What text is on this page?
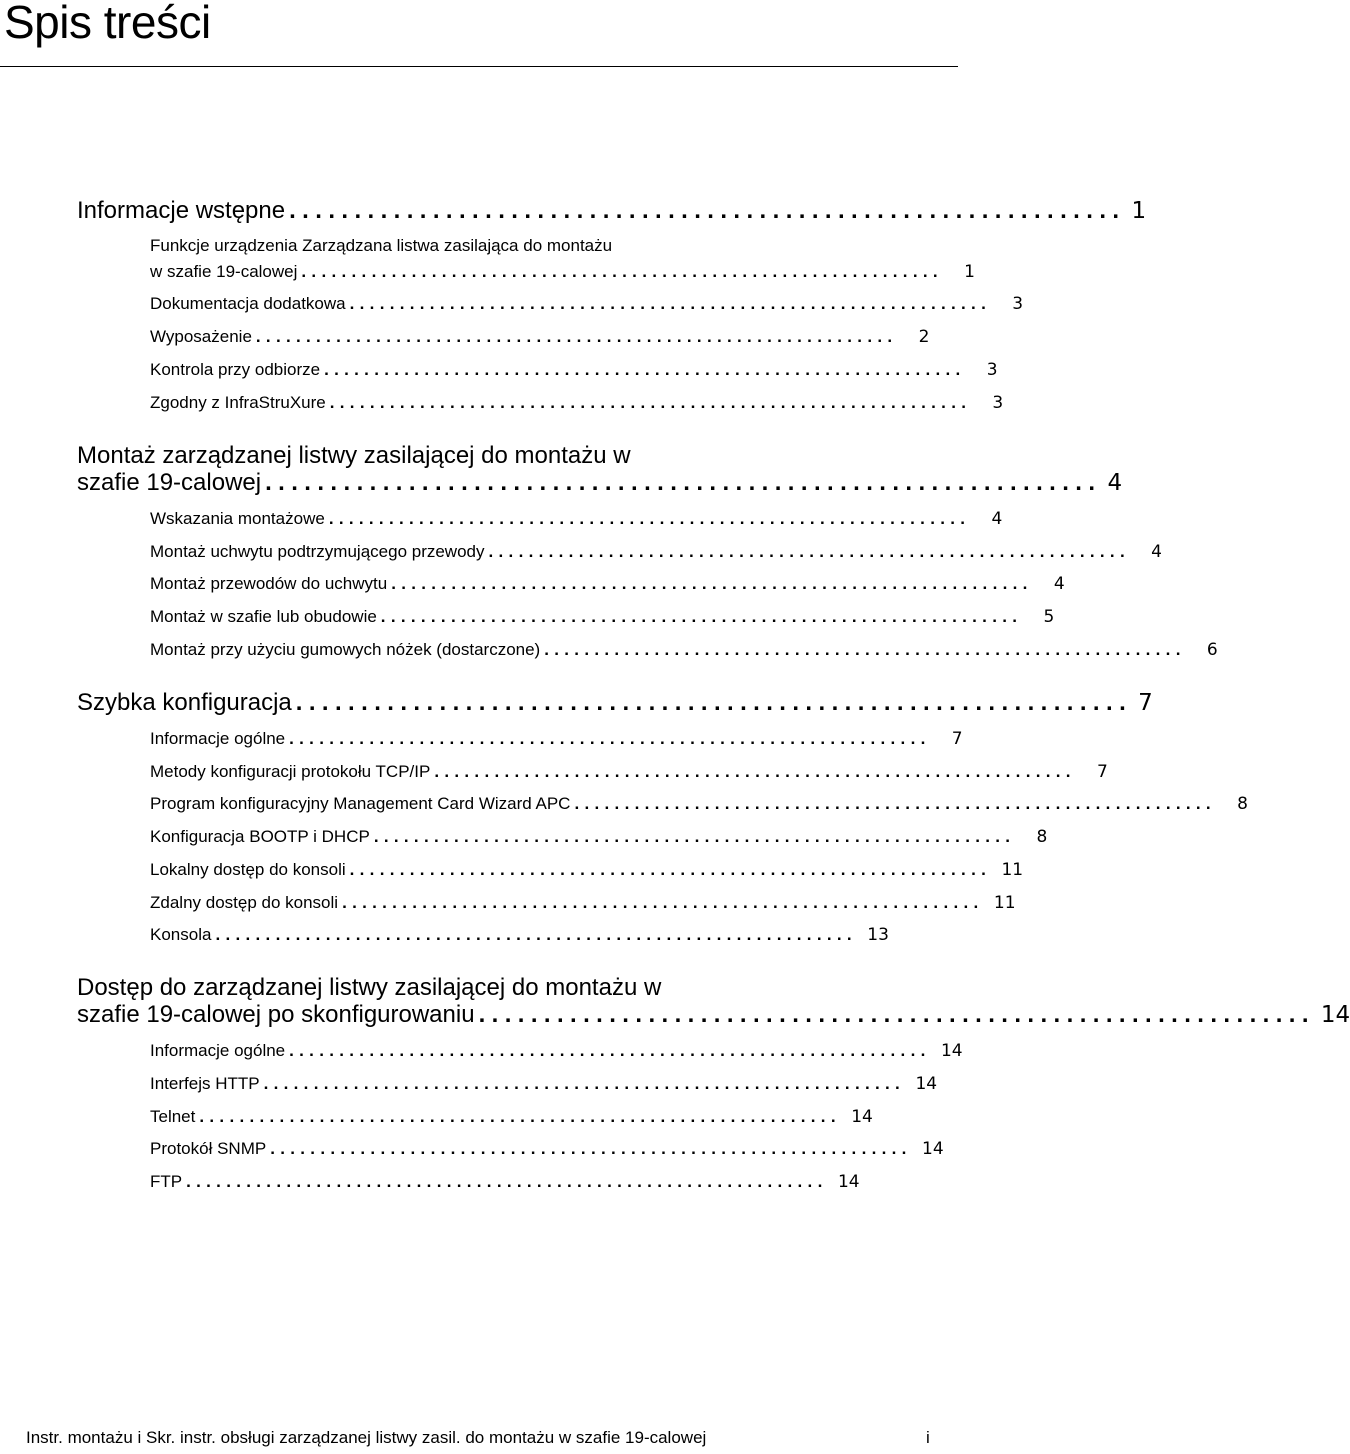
Spis treści
Informacje wstępne ................................................................ 1
Funkcje urządzenia Zarządzana listwa zasilająca do montażu
w szafie 19-calowej ................................................................	1
Dokumentacja dodatkowa ................................................................	3
Wyposażenie ................................................................	2
Kontrola przy odbiorze ................................................................	3
Zgodny z InfraStruXure ................................................................	3
Montaż zarządzanej listwy zasilającej do montażu w
szafie 19-calowej ................................................................ 4
Wskazania montażowe ................................................................	4
Montaż uchwytu podtrzymującego przewody ................................................................	4
Montaż przewodów do uchwytu ................................................................	4
Montaż w szafie lub obudowie ................................................................	5
Montaż przy użyciu gumowych nóżek (dostarczone) ................................................................	6
Szybka konfiguracja ................................................................ 7
Informacje ogólne ................................................................	7
Metody konfiguracji protokołu TCP/IP ................................................................	7
Program konfiguracyjny Management Card Wizard APC ................................................................	8
Konfiguracja BOOTP i DHCP ................................................................	8
Lokalny dostęp do konsoli ................................................................ 11
Zdalny dostęp do konsoli ................................................................ 11
Konsola ................................................................ 13
Dostęp do zarządzanej listwy zasilającej do montażu w
szafie 19-calowej po skonfigurowaniu ................................................................ 14
Informacje ogólne ................................................................ 14
Interfejs HTTP ................................................................ 14
Telnet ................................................................ 14
Protokół SNMP ................................................................ 14
FTP ................................................................ 14
Instr. montażu i Skr. instr. obsługi zarządzanej listwy zasil. do montażu w szafie 19-calowej	i
